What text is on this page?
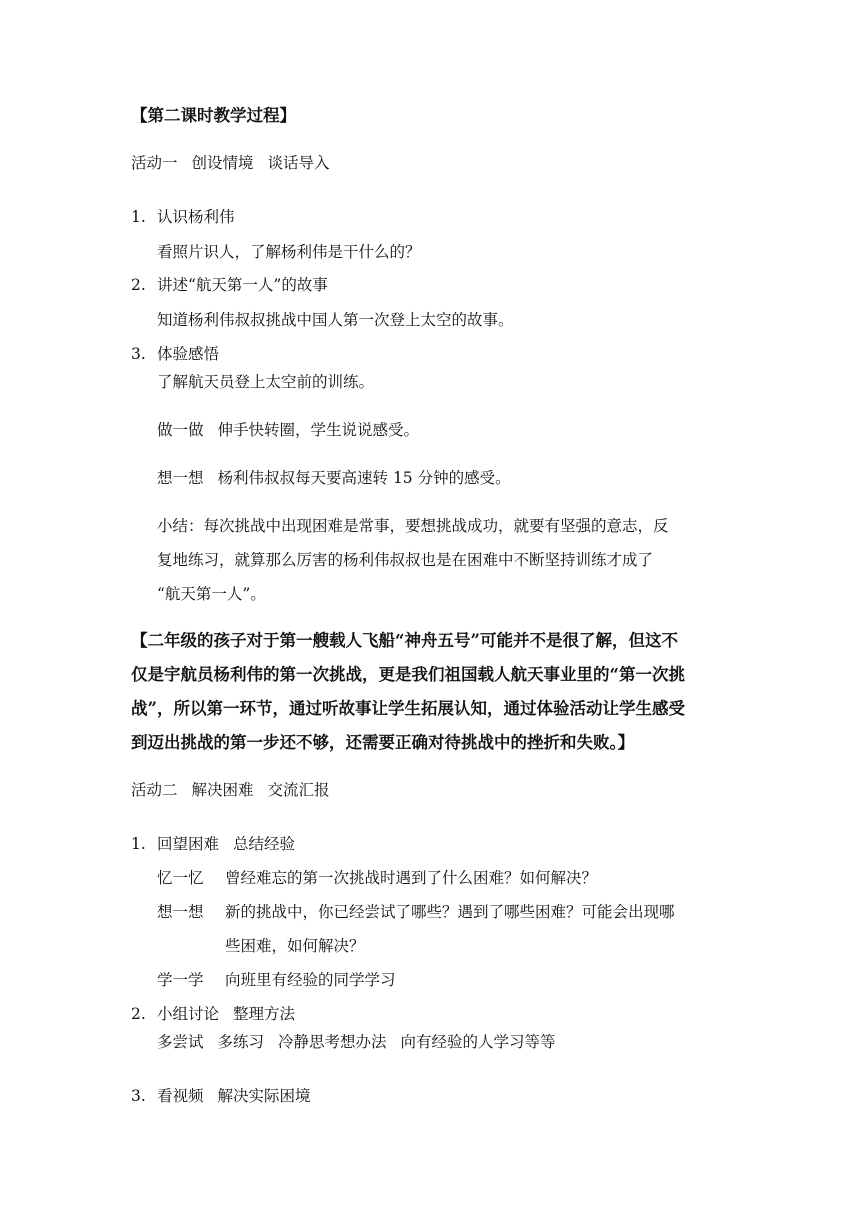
【第二课时教学过程】
活动一 创设情境 谈话导入
1. 认识杨利伟
看照片识人，了解杨利伟是干什么的？
2. 讲述“航天第一人”的故事
知道杨利伟叔叔挑战中国人第一次登上太空的故事。
3. 体验感悟
了解航天员登上太空前的训练。
做一做 伸手快转圈，学生说说感受。
想一想 杨利伟叔叔每天要高速转 15 分钟的感受。
小结：每次挑战中出现困难是常事，要想挑战成功，就要有坚强的意志，反
复地练习，就算那么厉害的杨利伟叔叔也是在困难中不断坚持训练才成了
“航天第一人”。
【二年级的孩子对于第一艘载人飞船“神舟五号”可能并不是很了解，但这不
仅是宇航员杨利伟的第一次挑战，更是我们祖国载人航天事业里的“第一次挑
战”，所以第一环节，通过听故事让学生拓展认知，通过体验活动让学生感受
到迈出挑战的第一步还不够，还需要正确对待挑战中的挫折和失败。】
活动二 解决困难 交流汇报
1. 回望困难 总结经验
忆一忆 曾经难忘的第一次挑战时遇到了什么困难？如何解决？
想一想 新的挑战中，你已经尝试了哪些？遇到了哪些困难？可能会出现哪
些困难，如何解决？
学一学 向班里有经验的同学学习
2. 小组讨论 整理方法
多尝试 多练习 冷静思考想办法 向有经验的人学习等等
3. 看视频 解决实际困境
